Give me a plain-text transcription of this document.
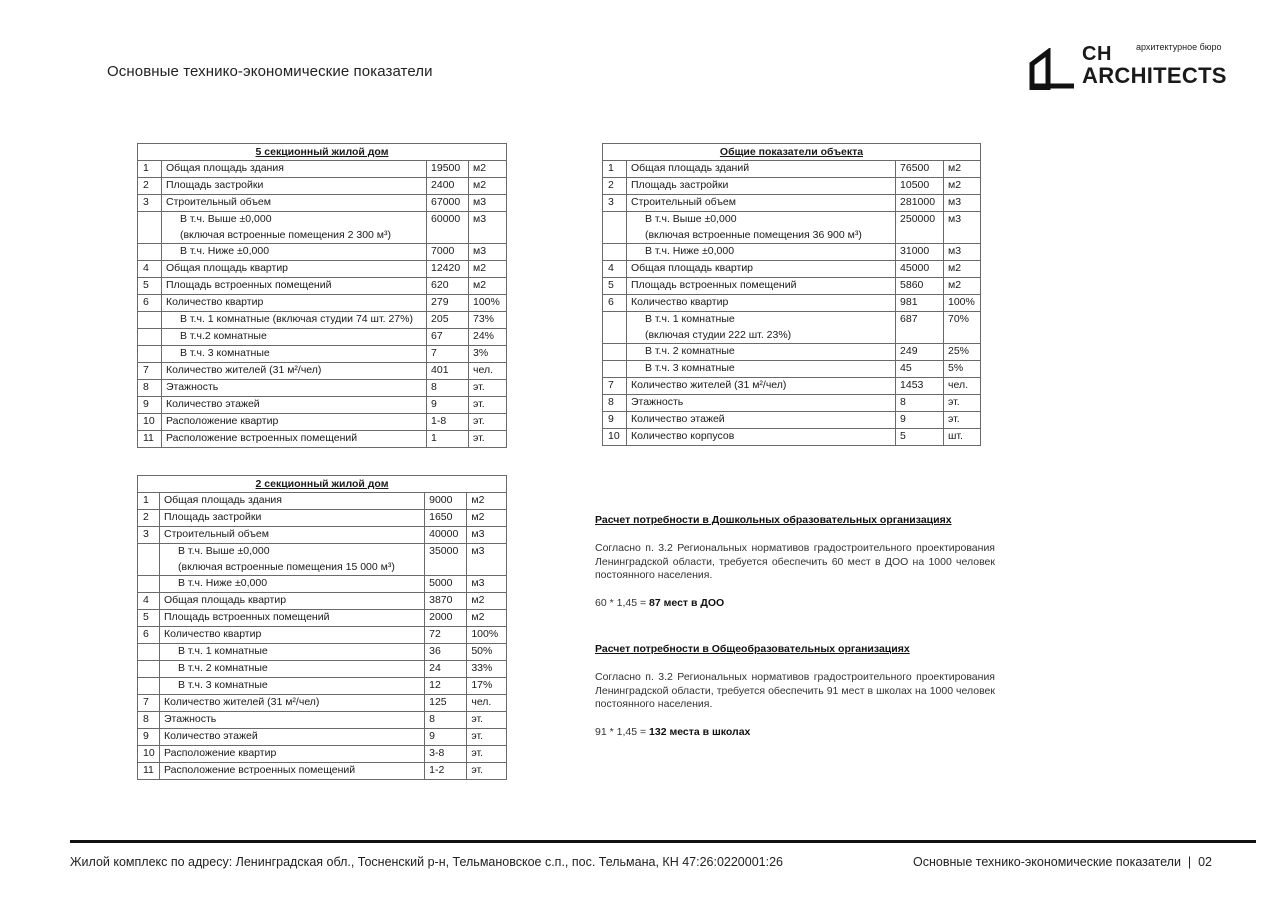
Основные технико-экономические показатели
CH
ARCHITECTS
архитектурное бюро
5 секционный жилой дом			
1	Общая площадь здания	19500	м2
2	Площадь застройки	2400	м2
3	Строительный объем	67000	м3

	В т.ч. Выше ±0,000
(включая встроенные помещения 2 300 м³)	60000	м3

	В т.ч. Ниже ±0,000	7000	м3
4	Общая площадь квартир	12420	м2
5	Площадь встроенных помещений	620	м2
6	Количество квартир	279	100%

	В т.ч. 1 комнатные (включая студии 74 шт. 27%)	205	73%

	В т.ч.2 комнатные	67	24%

	В т.ч. 3 комнатные	7	3%
7	Количество жителей (31 м²/чел)	401	чел.
8	Этажность	8	эт.
9	Количество этажей	9	эт.
10	Расположение квартир	1-8	эт.
11	Расположение встроенных помещений	1	эт.
2 секционный жилой дом			
1	Общая площадь здания	9000	м2
2	Площадь застройки	1650	м2
3	Строительный объем	40000	м3

	В т.ч. Выше ±0,000
(включая встроенные помещения 15 000 м³)	35000	м3

	В т.ч. Ниже ±0,000	5000	м3
4	Общая площадь квартир	3870	м2
5	Площадь встроенных помещений	2000	м2
6	Количество квартир	72	100%

	В т.ч. 1 комнатные	36	50%

	В т.ч. 2 комнатные	24	33%

	В т.ч. 3 комнатные	12	17%
7	Количество жителей (31 м²/чел)	125	чел.
8	Этажность	8	эт.
9	Количество этажей	9	эт.
10	Расположение квартир	3-8	эт.
11	Расположение встроенных помещений	1-2	эт.
Общие показатели объекта			
1	Общая площадь зданий	76500	м2
2	Площадь застройки	10500	м2
3	Строительный объем	281000	м3

	В т.ч. Выше ±0,000
(включая встроенные помещения 36 900 м³)	250000	м3

	В т.ч. Ниже ±0,000	31000	м3
4	Общая площадь квартир	45000	м2
5	Площадь встроенных помещений	5860	м2
6	Количество квартир	981	100%

	В т.ч. 1 комнатные
(включая студии 222 шт. 23%)	687	70%

	В т.ч. 2 комнатные	249	25%

	В т.ч. 3 комнатные	45	5%
7	Количество жителей (31 м²/чел)	1453	чел.
8	Этажность	8	эт.
9	Количество этажей	9	эт.
10	Количество корпусов	5	шт.
Расчет потребности в Дошкольных образовательных организациях
Согласно п. 3.2 Региональных нормативов градостроительного проектирования Ленинградской области, требуется обеспечить 60 мест в ДОО на 1000 человек постоянного населения.
60 * 1,45 = 87 мест в ДОО
Расчет потребности в Общеобразовательных организациях
Согласно п. 3.2 Региональных нормативов градостроительного проектирования Ленинградской области, требуется обеспечить 91 мест в школах на 1000 человек постоянного населения.
91 * 1,45 = 132 места в школах
Жилой комплекс по адресу: Ленинградская обл., Тосненский р-н, Тельмановское с.п., пос. Тельмана, КН 47:26:0220001:26	Основные технико-экономические показатели | 02
